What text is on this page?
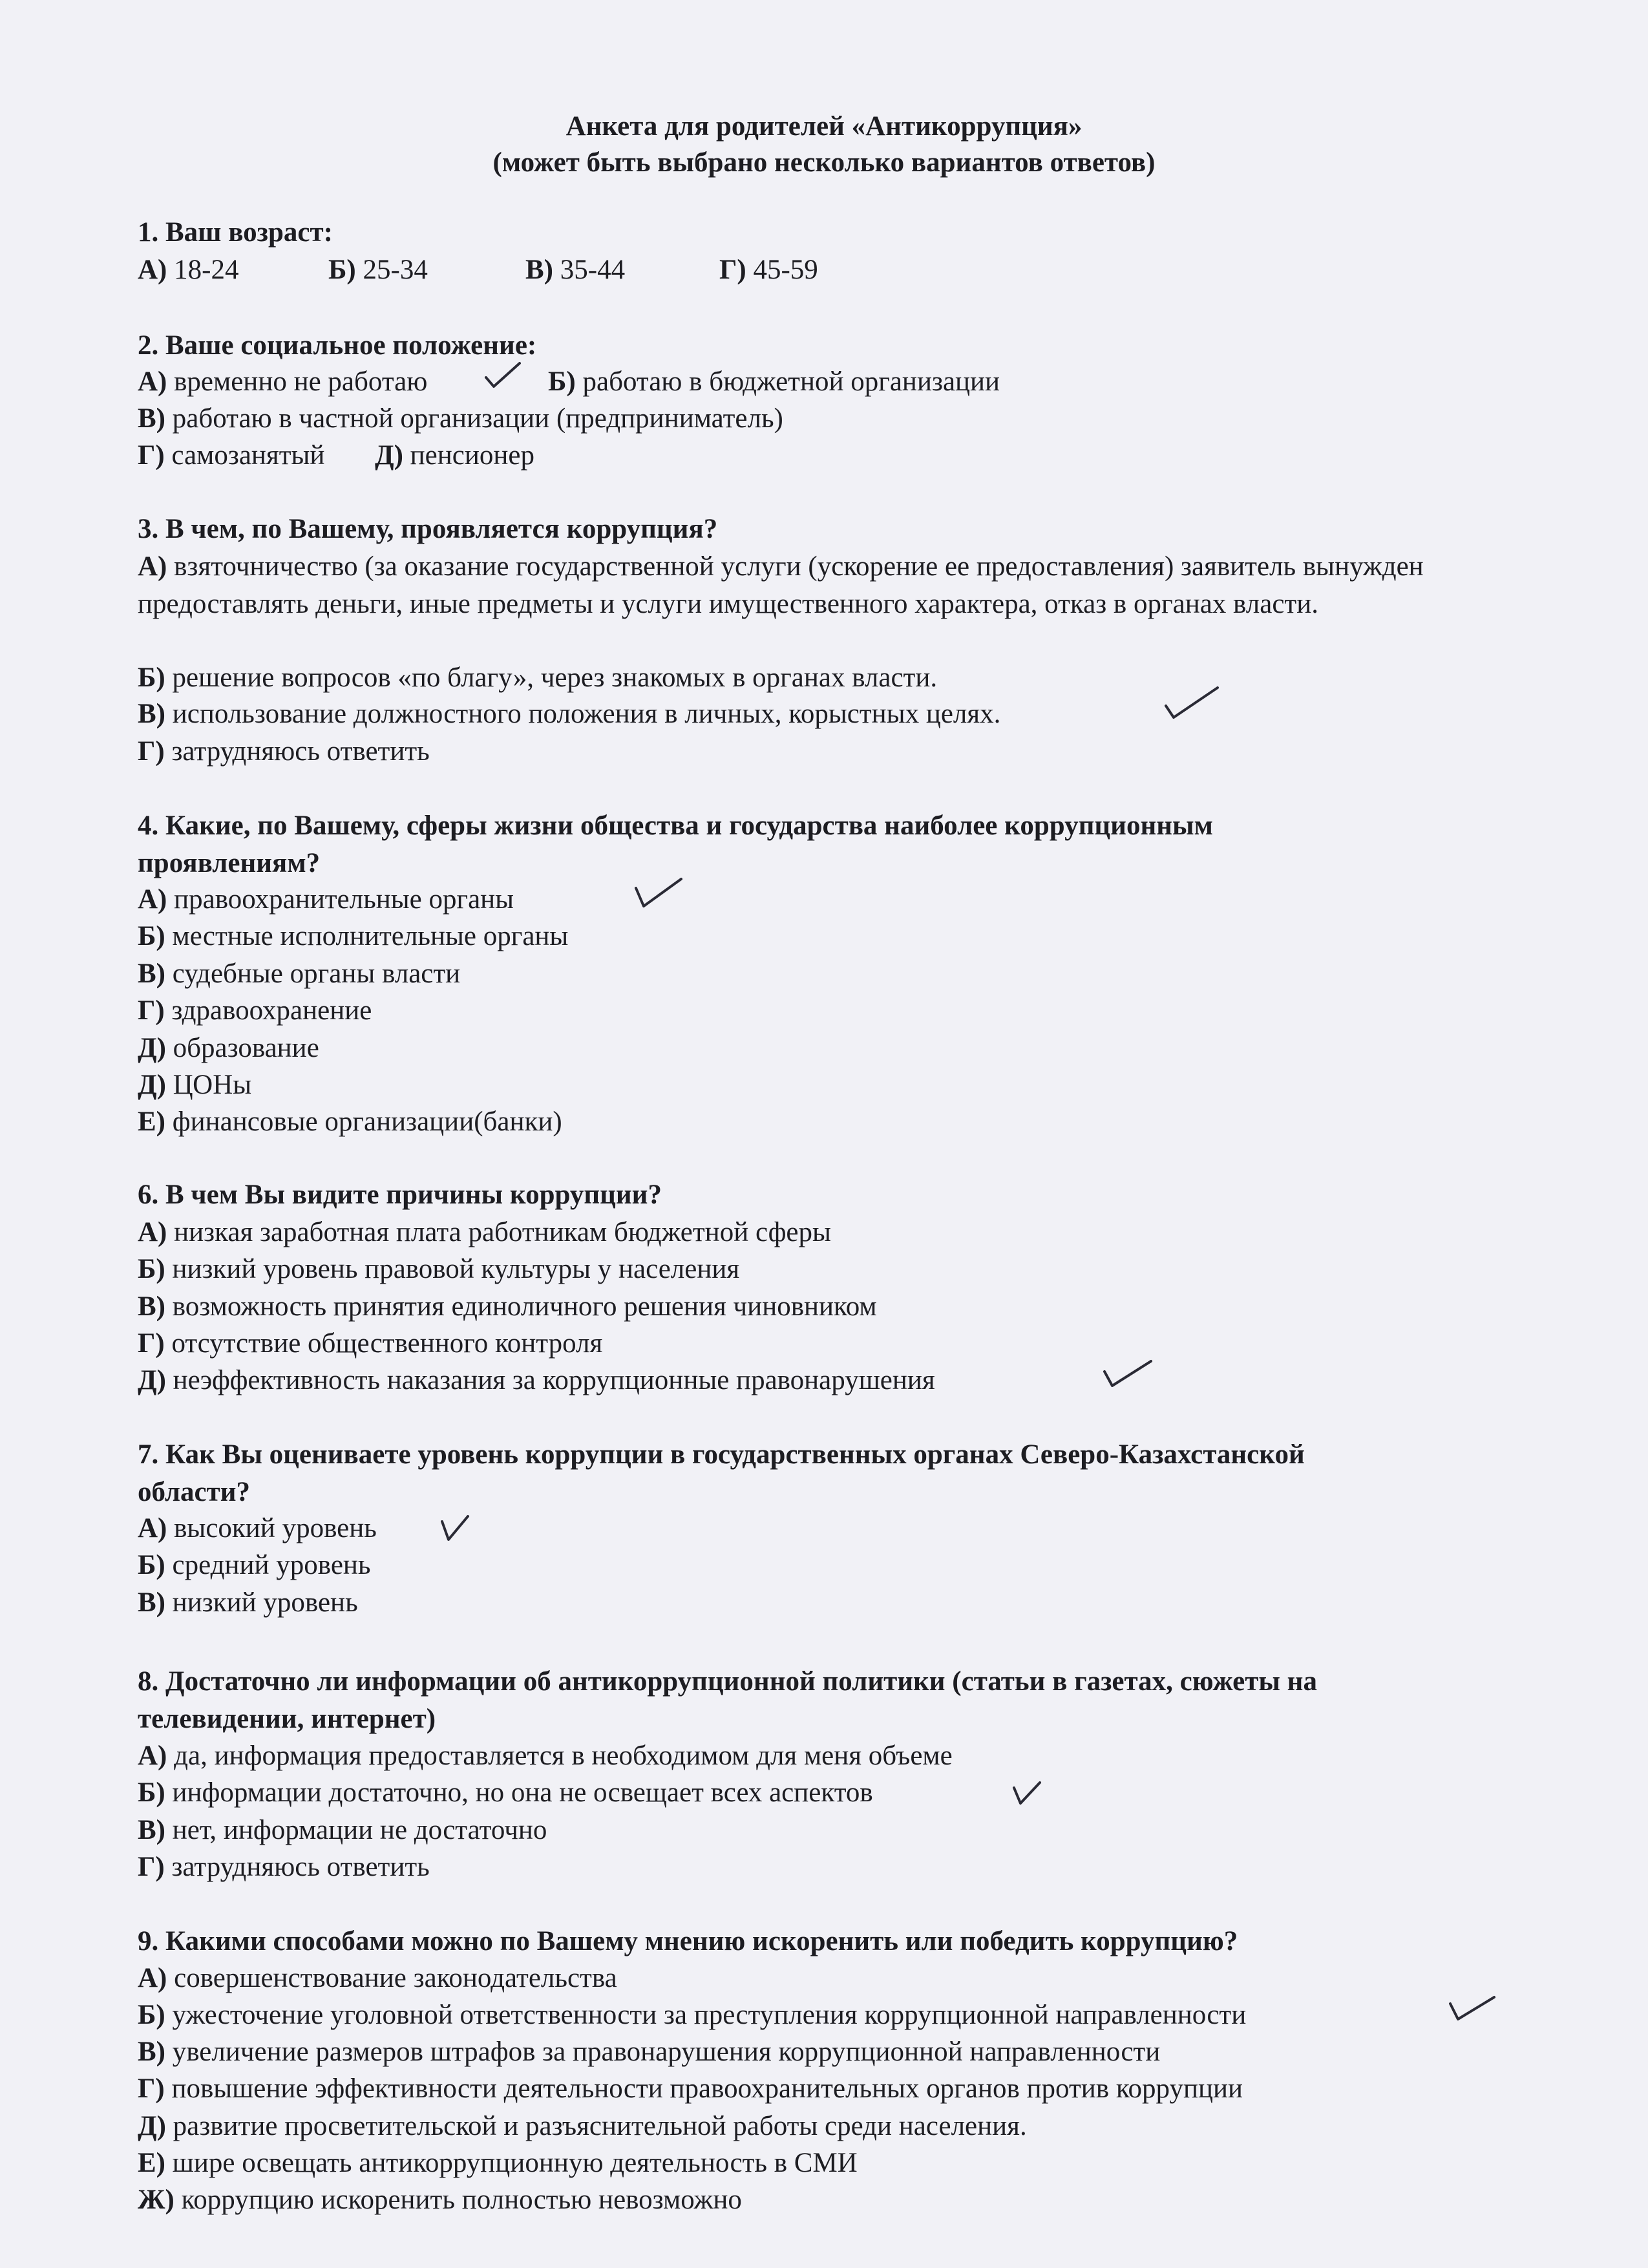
Анкета для родителей «Антикоррупция»
(может быть выбрано несколько вариантов ответов)
1. Ваш возраст:
А) 18-24	Б) 25-34	В) 35-44	Г) 45-59
2. Ваше социальное положение:
А) временно не работаю	Б) работаю в бюджетной организации
В) работаю в частной организации (предприниматель)
Г) самозанятый Д) пенсионер
3. В чем, по Вашему, проявляется коррупция?
А) взяточничество (за оказание государственной услуги (ускорение ее предоставления) заявитель вынужден предоставлять деньги, иные предметы и услуги имущественного характера, отказ в органах власти.
Б) решение вопросов «по благу», через знакомых в органах власти.
В) использование должностного положения в личных, корыстных целях.
Г) затрудняюсь ответить
4. Какие, по Вашему, сферы жизни общества и государства наиболее коррупционным
проявлениям?
А) правоохранительные органы
Б) местные исполнительные органы
В) судебные органы власти
Г) здравоохранение
Д) образование
Д) ЦОНы
Е) финансовые организации(банки)
6. В чем Вы видите причины коррупции?
А) низкая заработная плата работникам бюджетной сферы
Б) низкий уровень правовой культуры у населения
В) возможность принятия единоличного решения чиновником
Г) отсутствие общественного контроля
Д) неэффективность наказания за коррупционные правонарушения
7. Как Вы оцениваете уровень коррупции в государственных органах Северо-Казахстанской
области?
А) высокий уровень
Б) средний уровень
В) низкий уровень
8. Достаточно ли информации об антикоррупционной политики (статьи в газетах, сюжеты на
телевидении, интернет)
А) да, информация предоставляется в необходимом для меня объеме
Б) информации достаточно, но она не освещает всех аспектов
В) нет, информации не достаточно
Г) затрудняюсь ответить
9. Какими способами можно по Вашему мнению искоренить или победить коррупцию?
А) совершенствование законодательства
Б) ужесточение уголовной ответственности за преступления коррупционной направленности
В) увеличение размеров штрафов за правонарушения коррупционной направленности
Г) повышение эффективности деятельности правоохранительных органов против коррупции
Д) развитие просветительской и разъяснительной работы среди населения.
Е) шире освещать антикоррупционную деятельность в СМИ
Ж) коррупцию искоренить полностью невозможно
